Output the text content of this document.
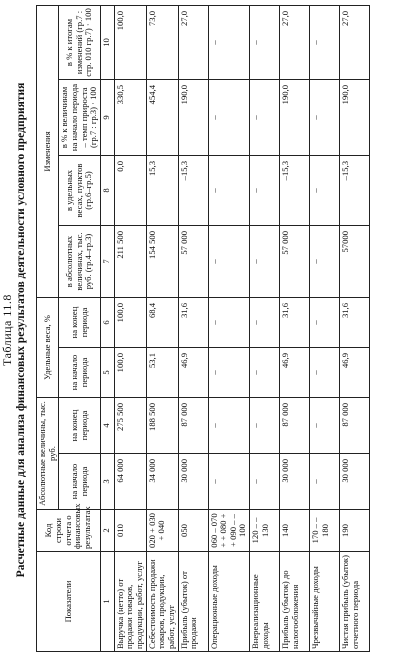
Таблица 11.8 Расчетные данные для анализа финансовых результатов деятельности условного предприятия
Показатели	Код строки отчета о финансовых результатах	Абсолютные величины, тыс. руб.		Удельные веса, %		Изменения			
		на начало периода	на конец периода	на начало периода	на конец периода	в абсолютных величинах, тыс. руб. (гр.4–гр.3)	в удельных весах, пунктов (гр.6–гр.5)	в % к величинам на начало периода – темп прироста (гр.7 : гр.3) · 100	в % к итогам изменений (гр.7 : стр. 010 гр.7) · 100
1	2	3	4	5	6	7	8	9	10
Выручка (нетто) от продажи товаров, продукции, работ, услуг	010	64 000	275 500	100,0	100,0	211 500	0,0	330,5	100,0
Себестоимость продажи товаров, продукции, работ, услуг	020 + 030 + 040	34 000	188 500	53,1	68,4	154 500	15,3	454,4	73,0
Прибыль (убыток) от продажи	050	30 000	87 000	46,9	31,6	57 000	–15,3	190,0	27,0
Операционные доходы	060 – 070 + + 080 + + 090 – – 100	–	–	–	–	–	–	–	–
Внереализационные доходы	120 – – 130	–	–	–	–	–	–	–	–
Прибыль (убыток) до налогообложения	140	30 000	87 000	46,9	31,6	57 000	–15,3	190,0	27,0
Чрезвычайные доходы	170 – – 180	–	–	–	–	–	–	–	–
Чистая прибыль (убыток) отчетного периода	190	30 000	87 000	46,9	31,6	57000	–15,3	190,0	27,0
